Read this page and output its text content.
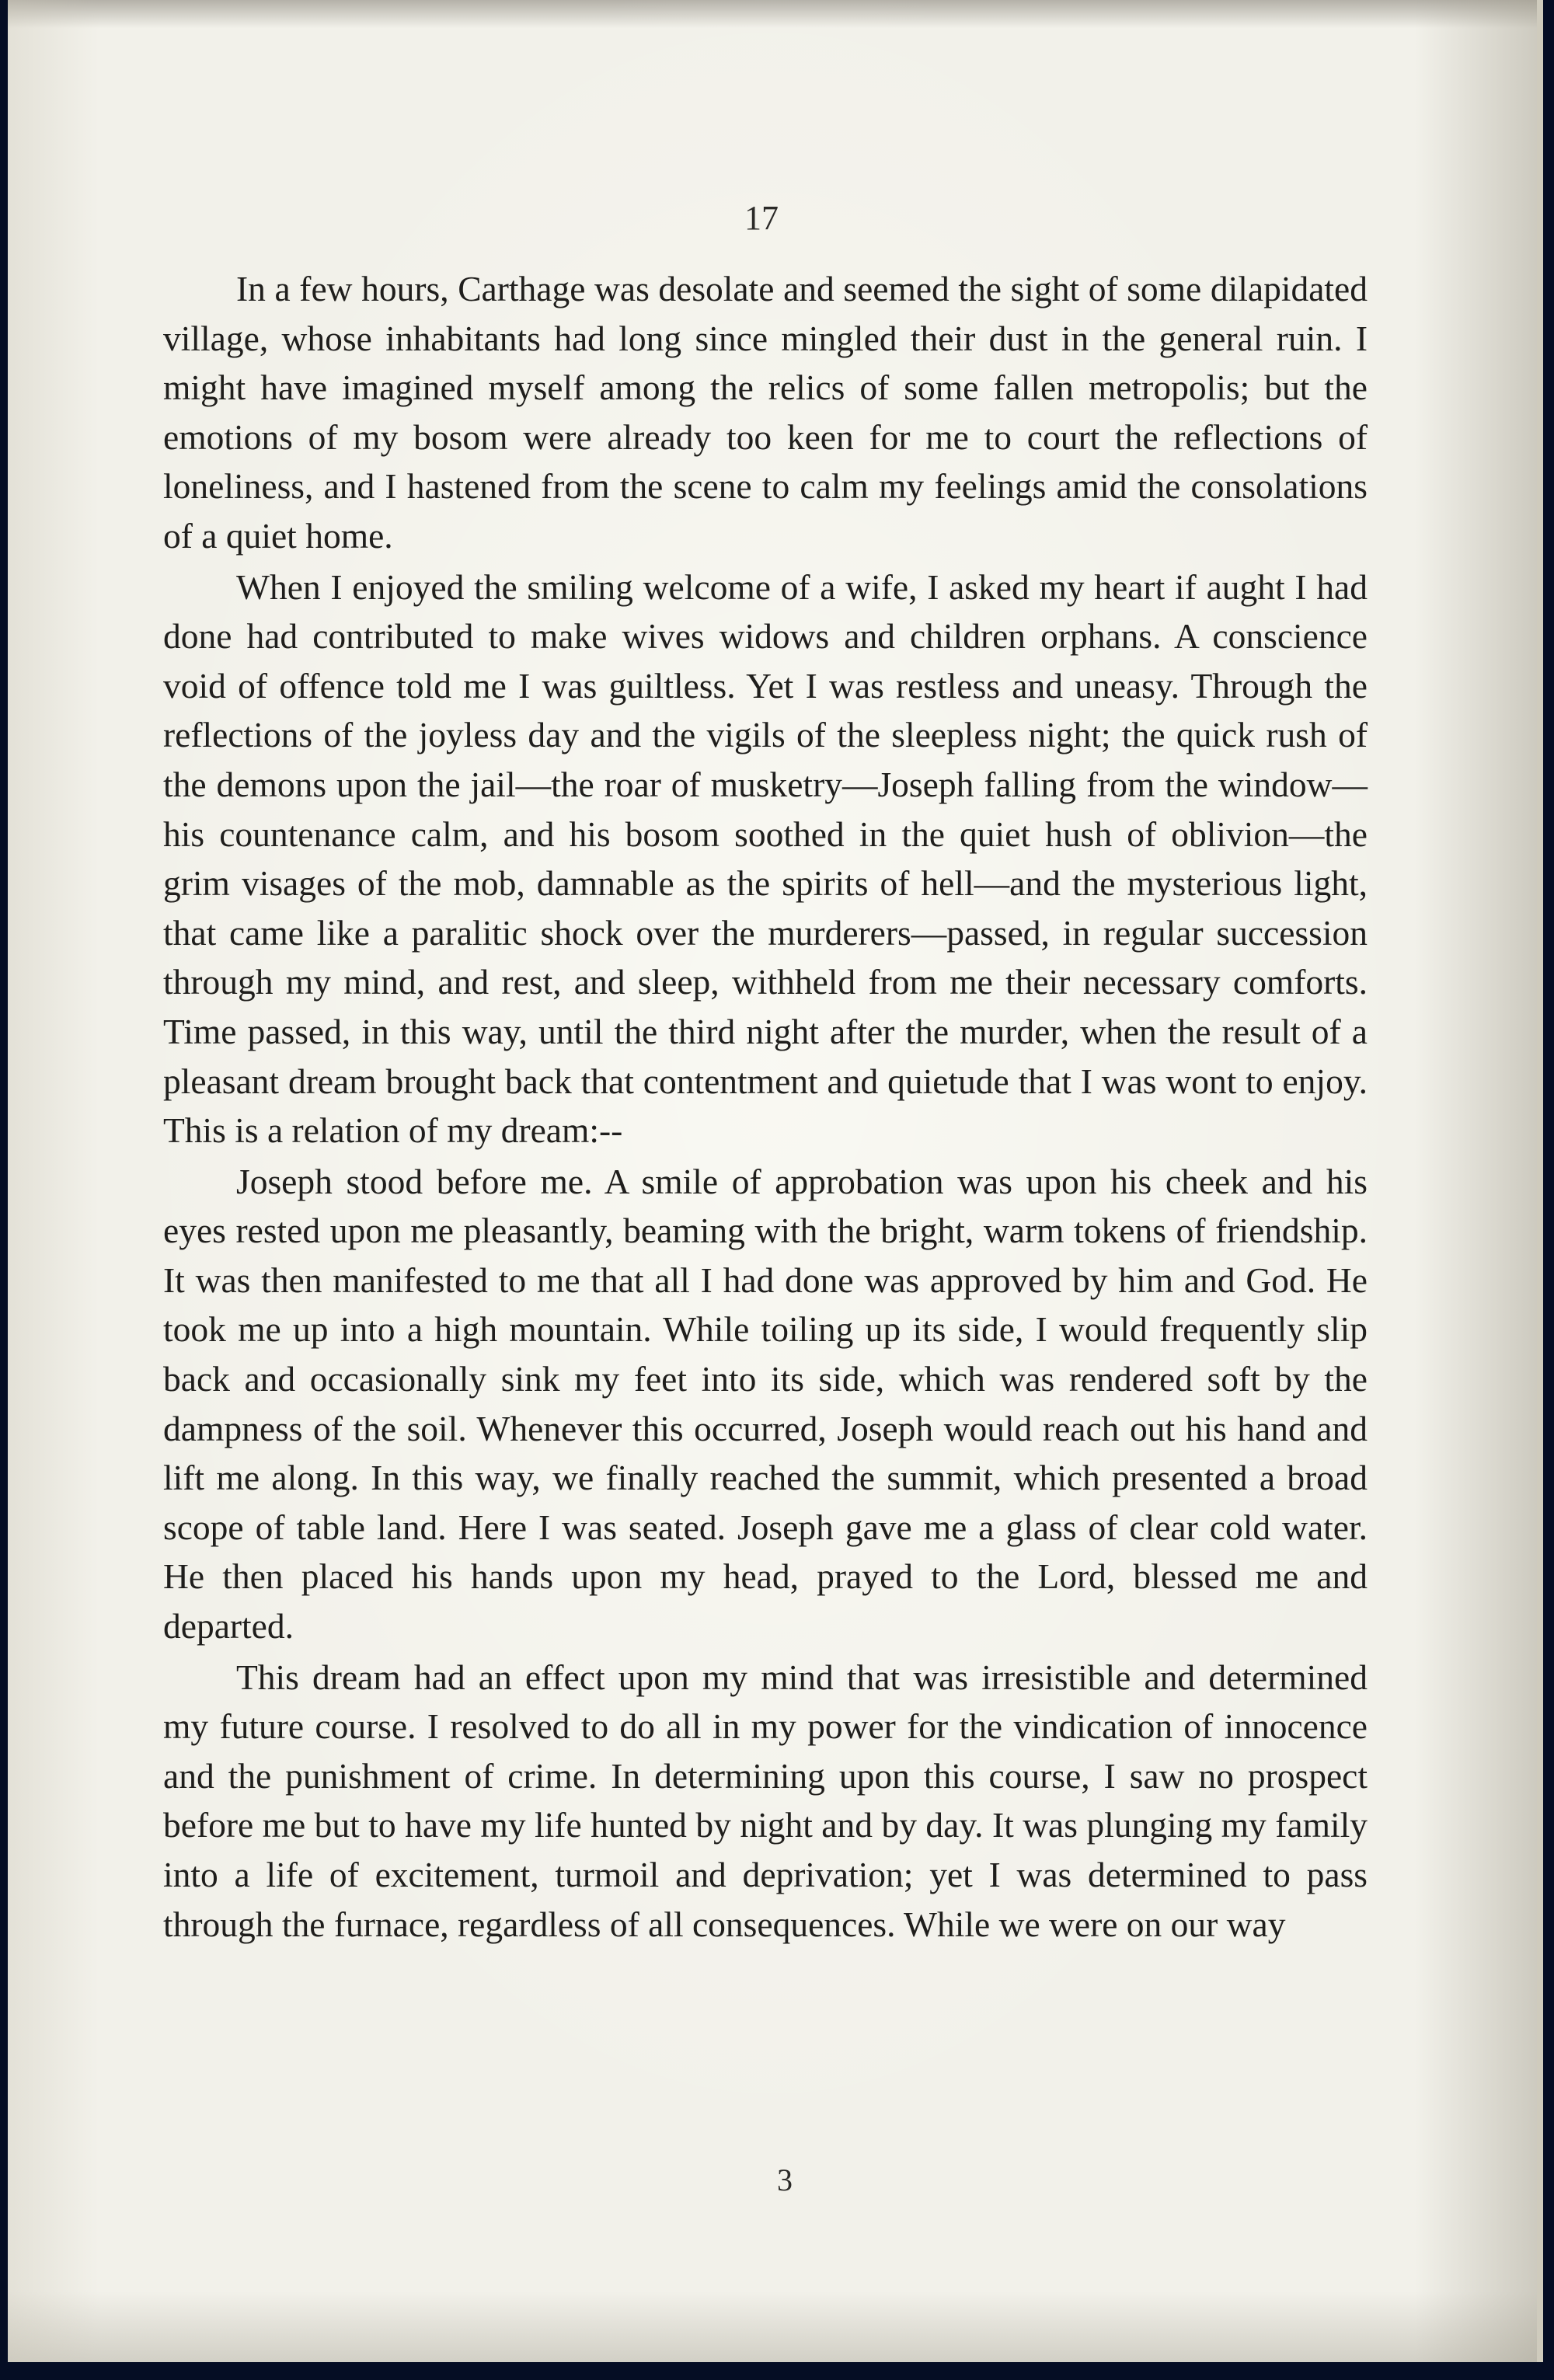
17

In a few hours, Carthage was desolate and seemed the sight of some dilapidated village, whose inhabitants had long since mingled their dust in the general ruin. I might have imagined myself among the relics of some fallen metropolis; but the emotions of my bosom were already too keen for me to court the reflections of loneliness, and I hastened from the scene to calm my feelings amid the consolations of a quiet home.

When I enjoyed the smiling welcome of a wife, I asked my heart if aught I had done had contributed to make wives widows and children orphans. A conscience void of offence told me I was guiltless. Yet I was restless and uneasy. Through the reflections of the joyless day and the vigils of the sleepless night; the quick rush of the demons upon the jail—the roar of musketry—Joseph falling from the window—his countenance calm, and his bosom soothed in the quiet hush of oblivion—the grim visages of the mob, damnable as the spirits of hell—and the mysterious light, that came like a paralitic shock over the murderers—passed, in regular succession through my mind, and rest, and sleep, withheld from me their necessary comforts. Time passed, in this way, until the third night after the murder, when the result of a pleasant dream brought back that contentment and quietude that I was wont to enjoy. This is a relation of my dream:--

Joseph stood before me. A smile of approbation was upon his cheek and his eyes rested upon me pleasantly, beaming with the bright, warm tokens of friendship. It was then manifested to me that all I had done was approved by him and God. He took me up into a high mountain. While toiling up its side, I would frequently slip back and occasionally sink my feet into its side, which was rendered soft by the dampness of the soil. Whenever this occurred, Joseph would reach out his hand and lift me along. In this way, we finally reached the summit, which presented a broad scope of table land. Here I was seated. Joseph gave me a glass of clear cold water. He then placed his hands upon my head, prayed to the Lord, blessed me and departed.

This dream had an effect upon my mind that was irresistible and determined my future course. I resolved to do all in my power for the vindication of innocence and the punishment of crime. In determining upon this course, I saw no prospect before me but to have my life hunted by night and by day. It was plunging my family into a life of excitement, turmoil and deprivation; yet I was determined to pass through the furnace, regardless of all consequences. While we were on our way

3
